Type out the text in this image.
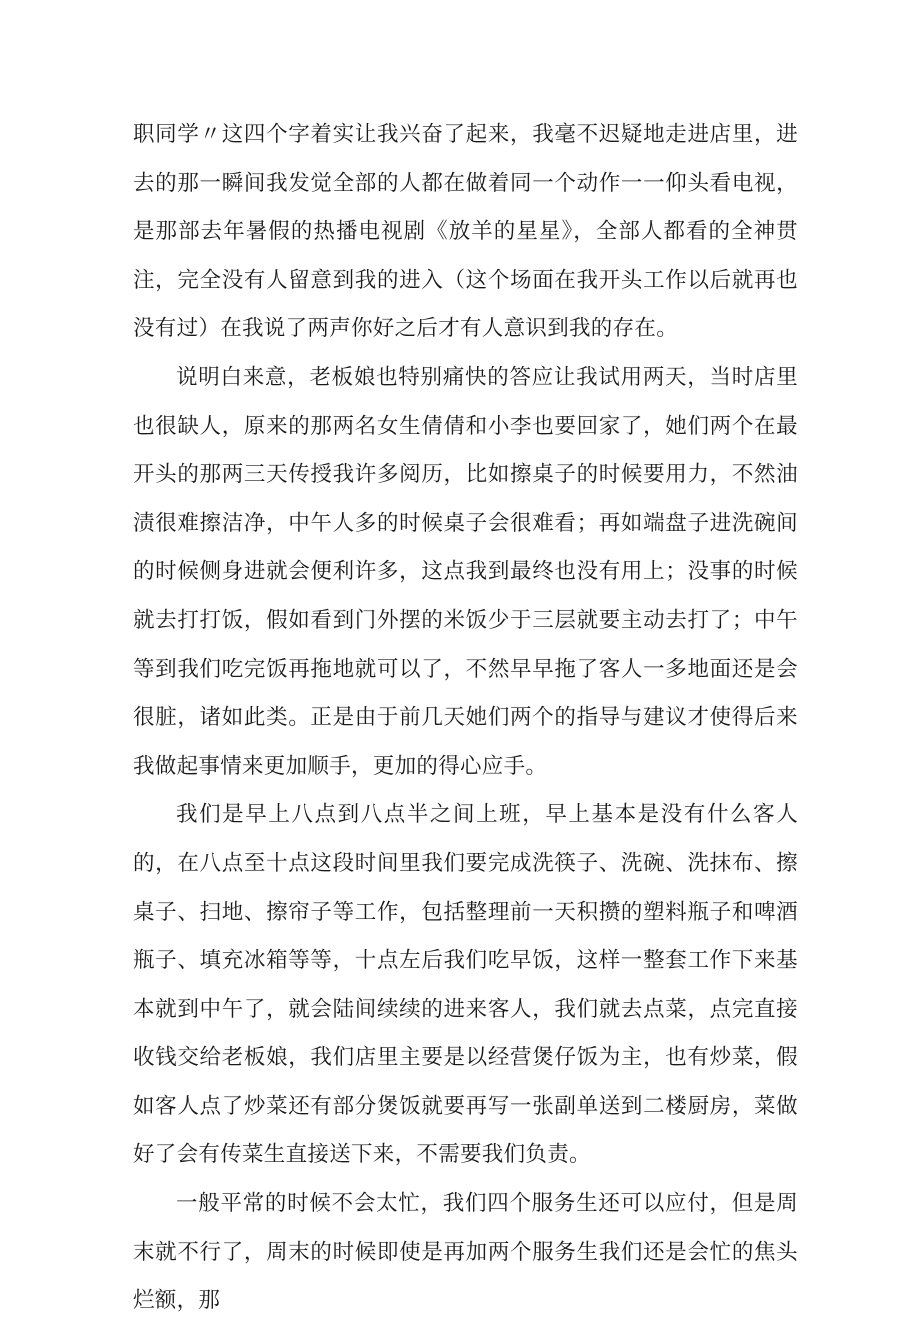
职同学〃这四个字着实让我兴奋了起来，我毫不迟疑地走进店里，进去的那一瞬间我发觉全部的人都在做着同一个动作一一仰头看电视，是那部去年暑假的热播电视剧《放羊的星星》，全部人都看的全神贯注，完全没有人留意到我的进入（这个场面在我开头工作以后就再也没有过）在我说了两声你好之后才有人意识到我的存在。

说明白来意，老板娘也特别痛快的答应让我试用两天，当时店里也很缺人，原来的那两名女生倩倩和小李也要回家了，她们两个在最开头的那两三天传授我许多阅历，比如擦桌子的时候要用力，不然油渍很难擦洁净，中午人多的时候桌子会很难看；再如端盘子进洗碗间的时候侧身进就会便利许多，这点我到最终也没有用上；没事的时候就去打打饭，假如看到门外摆的米饭少于三层就要主动去打了；中午等到我们吃完饭再拖地就可以了，不然早早拖了客人一多地面还是会很脏，诸如此类。正是由于前几天她们两个的指导与建议才使得后来我做起事情来更加顺手，更加的得心应手。

我们是早上八点到八点半之间上班，早上基本是没有什么客人的，在八点至十点这段时间里我们要完成洗筷子、洗碗、洗抹布、擦桌子、扫地、擦帘子等工作，包括整理前一天积攒的塑料瓶子和啤酒瓶子、填充冰箱等等，十点左后我们吃早饭，这样一整套工作下来基本就到中午了，就会陆间续续的进来客人，我们就去点菜，点完直接收钱交给老板娘，我们店里主要是以经营煲仔饭为主，也有炒菜，假如客人点了炒菜还有部分煲饭就要再写一张副单送到二楼厨房，菜做好了会有传菜生直接送下来，不需要我们负责。

一般平常的时候不会太忙，我们四个服务生还可以应付，但是周末就不行了，周末的时候即使是再加两个服务生我们还是会忙的焦头烂额，那
